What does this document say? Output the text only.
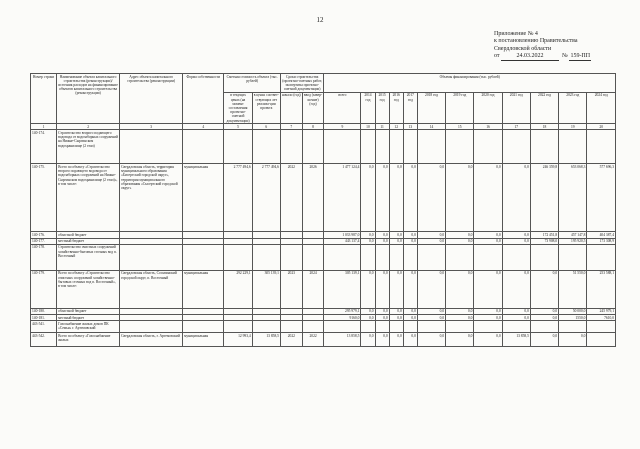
12
Приложение № 4
к постановлению Правительства
Свердловской области
от	24.03.2022	№ 159-ПП
Номер строки	Наименование объекта капитального строительства (реконструкции)/ источник расходов на финансирование объектов капитального строительства (реконструкции)	Адрес объекта капитального строительства (реконструкции)	Форма собственности	Сметная стоимость объекта (тыс. рублей)		Сроки строительства (проектно-сметных работ, экспертизы проектно-сметной документации)		Объемы финансирования (тыс. рублей)											
				в текущих ценах (на момент составления проектно-сметной документации)	в ценах соответ-ствующих лет реализа-ции проекта	начало (год)	ввод (завер-шение) (год)	всего	2014 год	2015 год	2016 год	2017 год	2018 год	2019 год	2020 год	2021 год	2022 год	2023 год	2024 год
1	2	3	4	5	6	7	8	9	10	11	12	13	14	15	16	17	18	19	20
140-174.	Строительство второго подающего водовода от водозаборных сооружений на Нижне-Сыргинском водохранилище (2 этап)																		
140-175.	Всего по объекту «Строительство второго подающего водовода от водозаборных сооружений на Нижне-Сыргинском водохранилище (2 этап)», в том числе:	Свердловская область, территория муниципального образования «Бисертский городской округ», территория муниципального образования «Сысертский городской округ»	муниципальная	2 777 494,6	2 777 494,6	2022	2026	1 477 124,4	0,0	0,0	0,0	0,0	0,0	0,0	0,0	0,0	246 359,8	653 068,3	577 696,3
140-176.	областной бюджет							1 033 987,0	0,0	0,0	0,0	0,0	0,0	0,0	0,0	0,0	172 451,8	457 147,8	404 387,4
140-177.	местный бюджет							443 137,4	0,0	0,0	0,0	0,0	0,0	0,0	0,0	0,0	73 908,0	195 920,5	173 308,9
140-178.	Строительство очистных сооружений хозяйственно-бытовых сточных вод п. Восточный																		
140-179.	Всего по объекту «Строительство очистных сооружений хозяйственно-бытовых сточных вод п. Восточный», в том числе:	Свердловская область, Сосьвинский городской округ, п. Восточный	муниципальная	292 229,1	305 139,1	2023	2024	305 139,1	0,0	0,0	0,0	0,0	0,0	0,0	0,0	0,0	0,0	51 550,0	253 588,1
140-180.	областной бюджет							295 979,1	0,0	0,0	0,0	0,0	0,0	0,0	0,0	0,0	0,0	50 000,0	245 979,1
140-181.	местный бюджет							9160,0	0,0	0,0	0,0	0,0	0,0	0,0	0,0	0,0	0,0	1550,0	7610,0
443-541.	Газоснабжение жилых домов ПК «Семья» г. Артемовский																		
443-542.	Всего по объекту «Газоснабжение жилых	Свердловская область, г. Артемовский	муниципальная	12 993,4	13 858,5	2022	2022	13 858,5	0,0	0,0	0,0	0,0	0,0	0,0	0,0	13 858,5	0,0	0,0	
